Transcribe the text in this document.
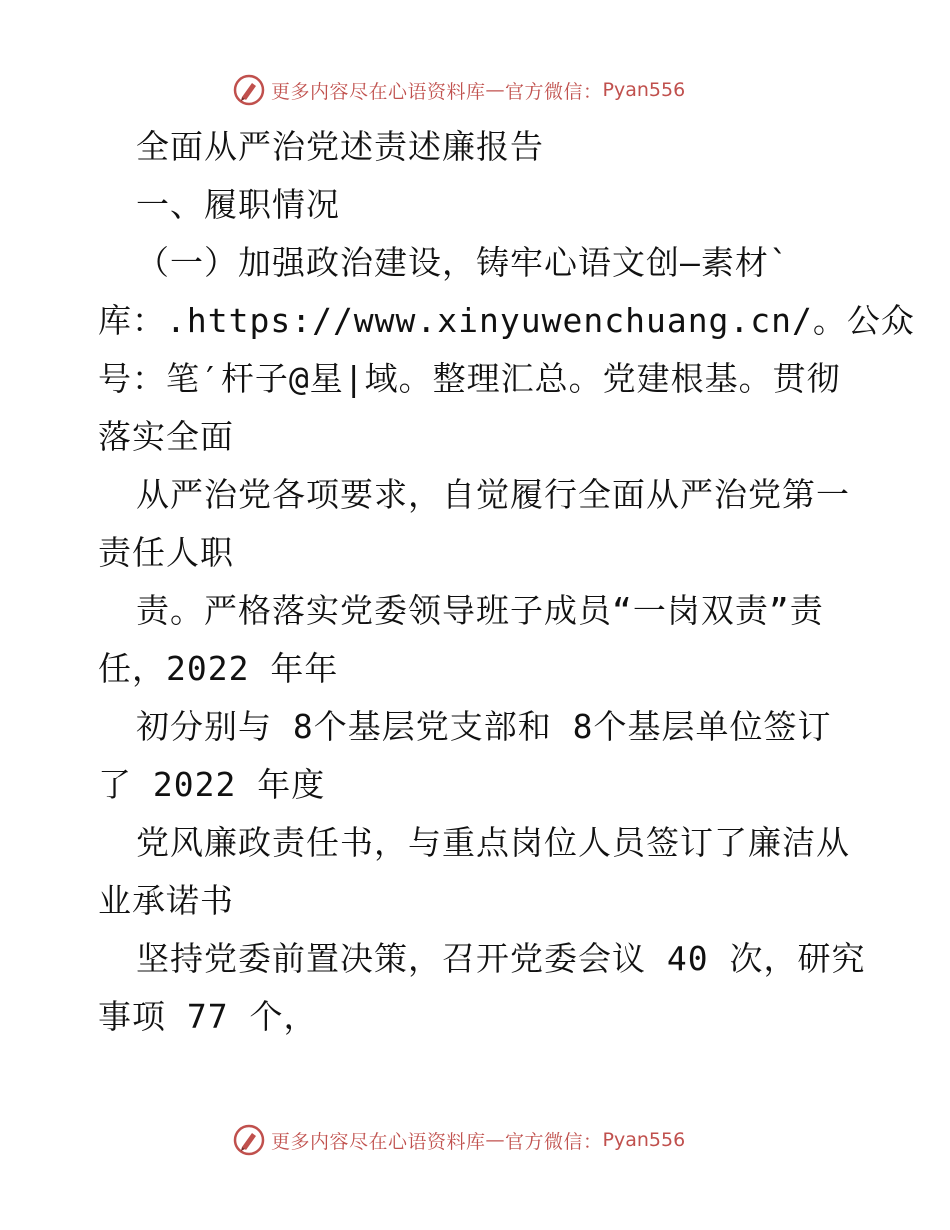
更多内容尽在心语资料库 — 官方微信： Pyan556
全面从严治党述责述廉报告
一、履职情况
（一）加强政治建设，铸牢心语文创—素材`
库：.https://www.xinyuwenchuang.cn/。公众
号：笔′杆子@星|域。整理汇总。党建根基。贯彻
落实全面
从严治党各项要求，自觉履行全面从严治党第一
责任人职
责。严格落实党委领导班子成员“一岗双责”责
任，2022 年年
初分别与 8个基层党支部和 8个基层单位签订
了 2022 年度
党风廉政责任书，与重点岗位人员签订了廉洁从
业承诺书
坚持党委前置决策，召开党委会议 40 次，研究
事项 77 个，
更多内容尽在心语资料库 — 官方微信： Pyan556
